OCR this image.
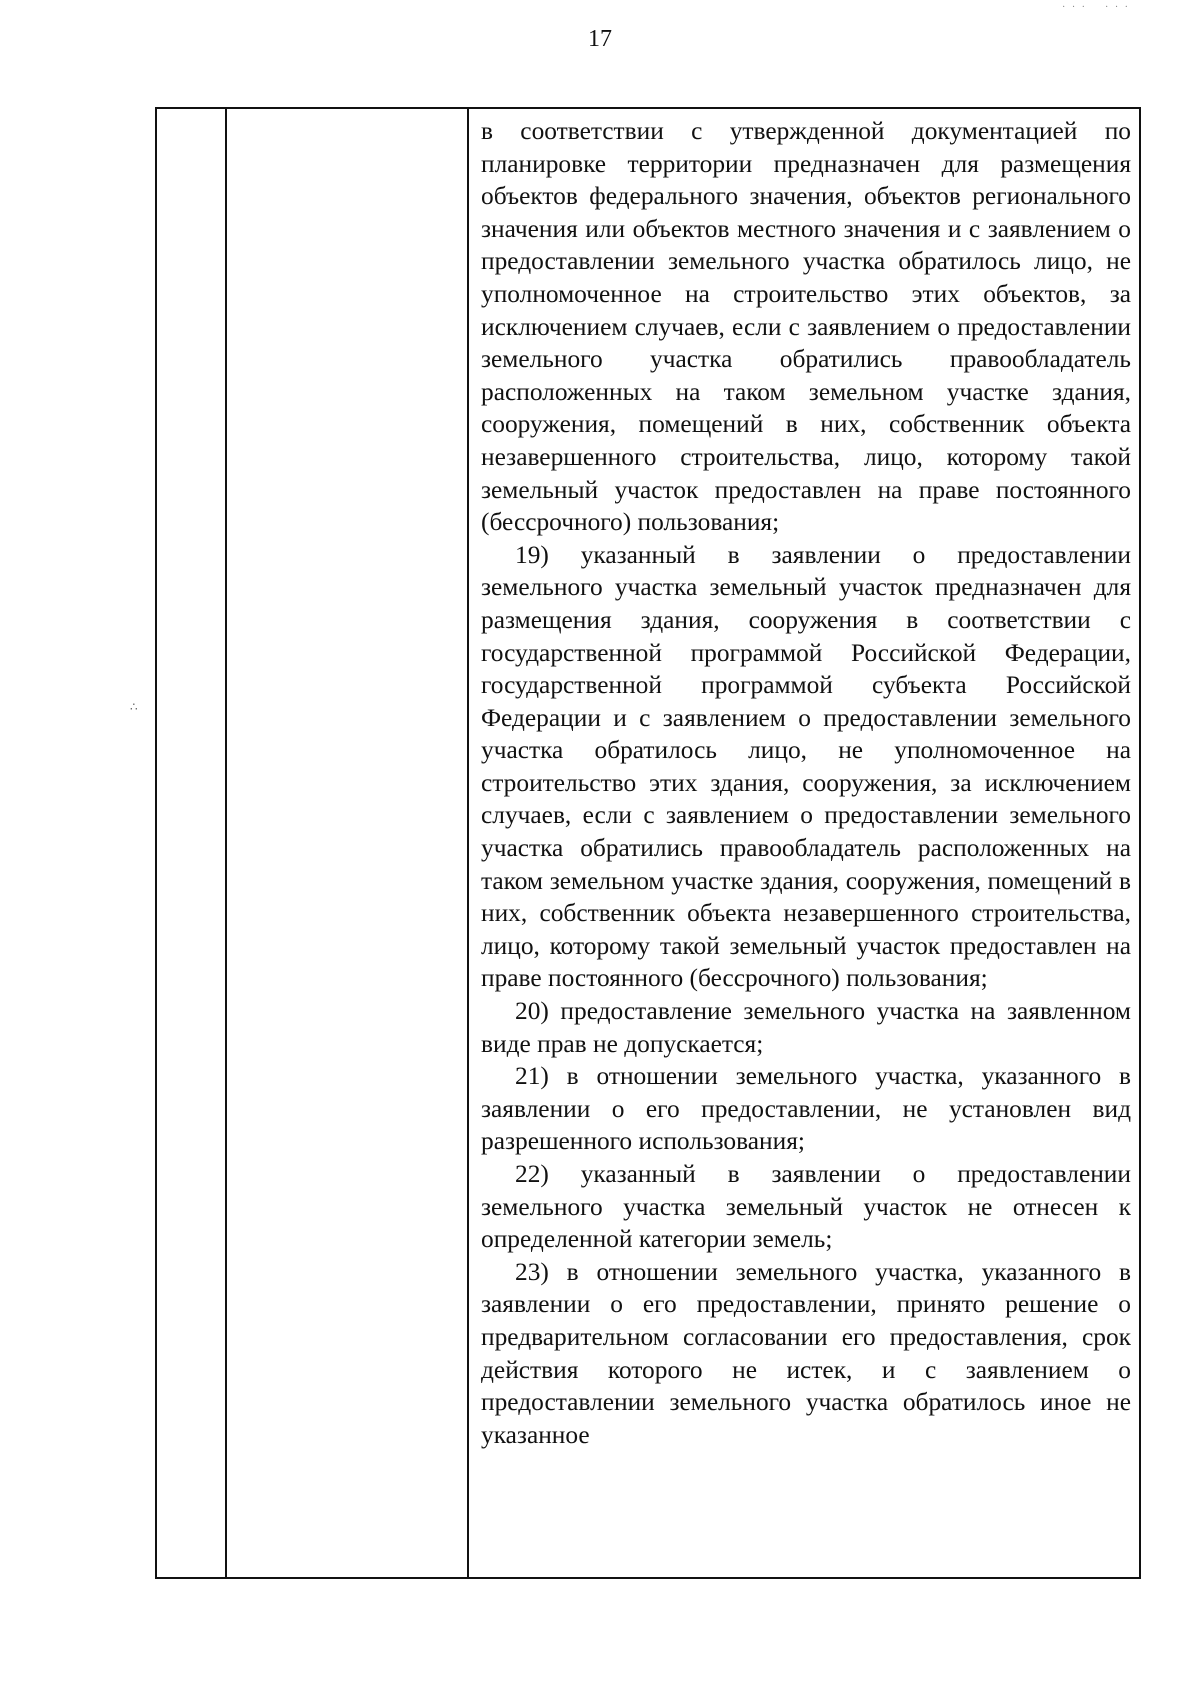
· · ·    · · ·
17
∴

в соответствии с утвержденной документацией по планировке территории предназначен для размещения объектов федерального значения, объектов регионального значения или объектов местного значения и с заявлением о предоставлении земельного участка обратилось лицо, не уполномоченное на строительство этих объектов, за исключением случаев, если с заявлением о предоставлении земельного участка обратились правообладатель расположенных на таком земельном участке здания, сооружения, помещений в них, собственник объекта незавершенного строительства, лицо, которому такой земельный участок предоставлен на праве постоянного (бессрочного) пользования;

19) указанный в заявлении о предоставлении земельного участка земельный участок предназначен для размещения здания, сооружения в соответствии с государственной программой Российской Федерации, государственной программой субъекта Российской Федерации и с заявлением о предоставлении земельного участка обратилось лицо, не уполномоченное на строительство этих здания, сооружения, за исключением случаев, если с заявлением о предоставлении земельного участка обратились правообладатель расположенных на таком земельном участке здания, сооружения, помещений в них, собственник объекта незавершенного строительства, лицо, которому такой земельный участок предоставлен на праве постоянного (бессрочного) пользования;

20) предоставление земельного участка на заявленном виде прав не допускается;

21) в отношении земельного участка, указанного в заявлении о его предоставлении, не установлен вид разрешенного использования;

22) указанный в заявлении о предоставлении земельного участка земельный участок не отнесен к определенной категории земель;

23) в отношении земельного участка, указанного в заявлении о его предоставлении, принято решение о предварительном согласовании его предоставления, срок действия которого не истек, и с заявлением о предоставлении земельного участка обратилось иное не указанное
